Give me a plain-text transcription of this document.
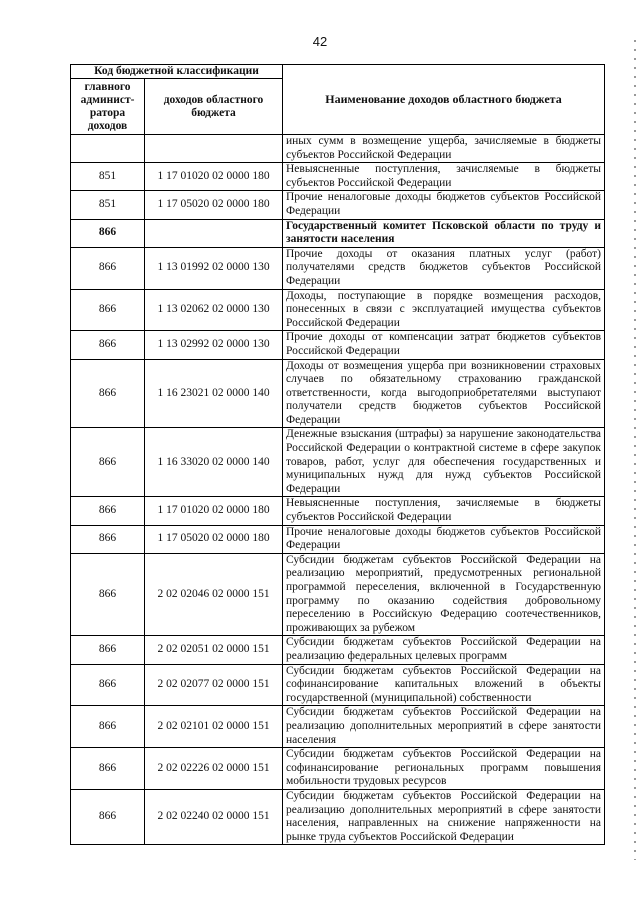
42
Код бюджетной классификации		Наименование доходов областного бюджета
главного админист- ратора доходов	доходов областного бюджета	
		иных сумм в возмещение ущерба, зачисляемые в бюджеты субъектов Российской Федерации
851	1 17 01020 02 0000 180	Невыясненные поступления, зачисляемые в бюджеты субъектов Российской Федерации
851	1 17 05020 02 0000 180	Прочие неналоговые доходы бюджетов субъектов Российской Федерации
866		Государственный комитет Псковской области по труду и занятости населения
866	1 13 01992 02 0000 130	Прочие доходы от оказания платных услуг (работ) получателями средств бюджетов субъектов Российской Федерации
866	1 13 02062 02 0000 130	Доходы, поступающие в порядке возмещения расходов, понесенных в связи с эксплуатацией имущества субъектов Российской Федерации
866	1 13 02992 02 0000 130	Прочие доходы от компенсации затрат бюджетов субъектов Российской Федерации
866	1 16 23021 02 0000 140	Доходы от возмещения ущерба при возникновении страховых случаев по обязательному страхованию гражданской ответственности, когда выгодоприобретателями выступают получатели средств бюджетов субъектов Российской Федерации
866	1 16 33020 02 0000 140	Денежные взыскания (штрафы) за нарушение законодательства Российской Федерации о контрактной системе в сфере закупок товаров, работ, услуг для обеспечения государственных и муниципальных нужд для нужд субъектов Российской Федерации
866	1 17 01020 02 0000 180	Невыясненные поступления, зачисляемые в бюджеты субъектов Российской Федерации
866	1 17 05020 02 0000 180	Прочие неналоговые доходы бюджетов субъектов Российской Федерации
866	2 02 02046 02 0000 151	Субсидии бюджетам субъектов Российской Федерации на реализацию мероприятий, предусмотренных региональной программой переселения, включенной в Государственную программу по оказанию содействия добровольному переселению в Российскую Федерацию соотечественников, проживающих за рубежом
866	2 02 02051 02 0000 151	Субсидии бюджетам субъектов Российской Федерации на реализацию федеральных целевых программ
866	2 02 02077 02 0000 151	Субсидии бюджетам субъектов Российской Федерации на софинансирование капитальных вложений в объекты государственной (муниципальной) собственности
866	2 02 02101 02 0000 151	Субсидии бюджетам субъектов Российской Федерации на реализацию дополнительных мероприятий в сфере занятости населения
866	2 02 02226 02 0000 151	Субсидии бюджетам субъектов Российской Федерации на софинансирование региональных программ повышения мобильности трудовых ресурсов
866	2 02 02240 02 0000 151	Субсидии бюджетам субъектов Российской Федерации на реализацию дополнительных мероприятий в сфере занятости населения, направленных на снижение напряженности на рынке труда субъектов Российской Федерации
